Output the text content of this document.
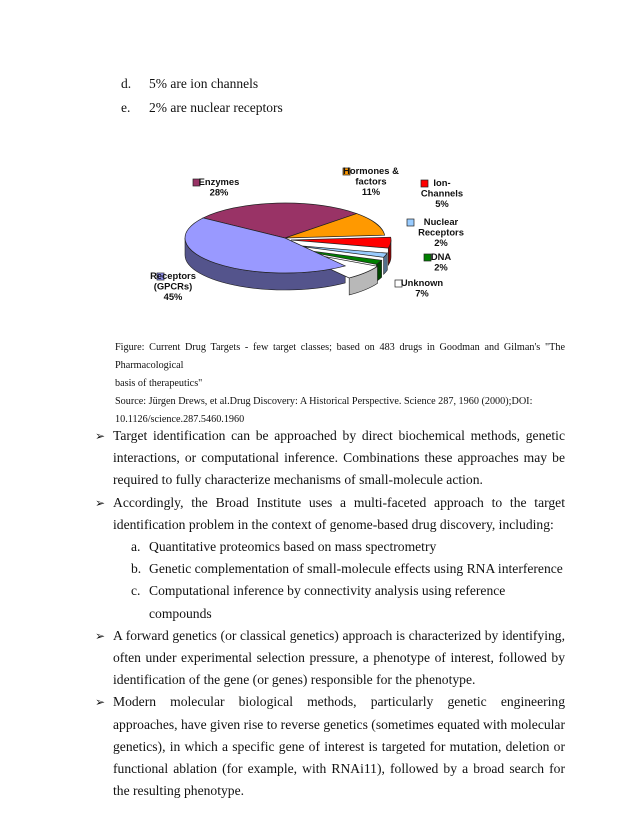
d. 5% are ion channels
e. 2% are nuclear receptors
Enzymes 28%
Hormones & factors 11%
Ion-Channels 5%
Nuclear Receptors 2%
DNA 2%
Unknown 7%
Receptors (GPCRs) 45%
Figure: Current Drug Targets - few target classes; based on 483 drugs in Goodman and Gilman's "The Pharmacological
basis of therapeutics"
Source: Jürgen Drews, et al.Drug Discovery: A Historical Perspective. Science 287, 1960 (2000);DOI:
10.1126/science.287.5460.1960
➢ Target identification can be approached by direct biochemical methods, genetic interactions, or computational inference. Combinations these approaches may be required to fully characterize mechanisms of small-molecule action.
➢ Accordingly, the Broad Institute uses a multi-faceted approach to the target identification problem in the context of genome-based drug discovery, including:
a. Quantitative proteomics based on mass spectrometry
b. Genetic complementation of small-molecule effects using RNA interference
c. Computational inference by connectivity analysis using reference compounds
➢ A forward genetics (or classical genetics) approach is characterized by identifying, often under experimental selection pressure, a phenotype of interest, followed by identification of the gene (or genes) responsible for the phenotype.
➢ Modern molecular biological methods, particularly genetic engineering approaches, have given rise to reverse genetics (sometimes equated with molecular genetics), in which a specific gene of interest is targeted for mutation, deletion or functional ablation (for example, with RNAi11), followed by a broad search for the resulting phenotype.
